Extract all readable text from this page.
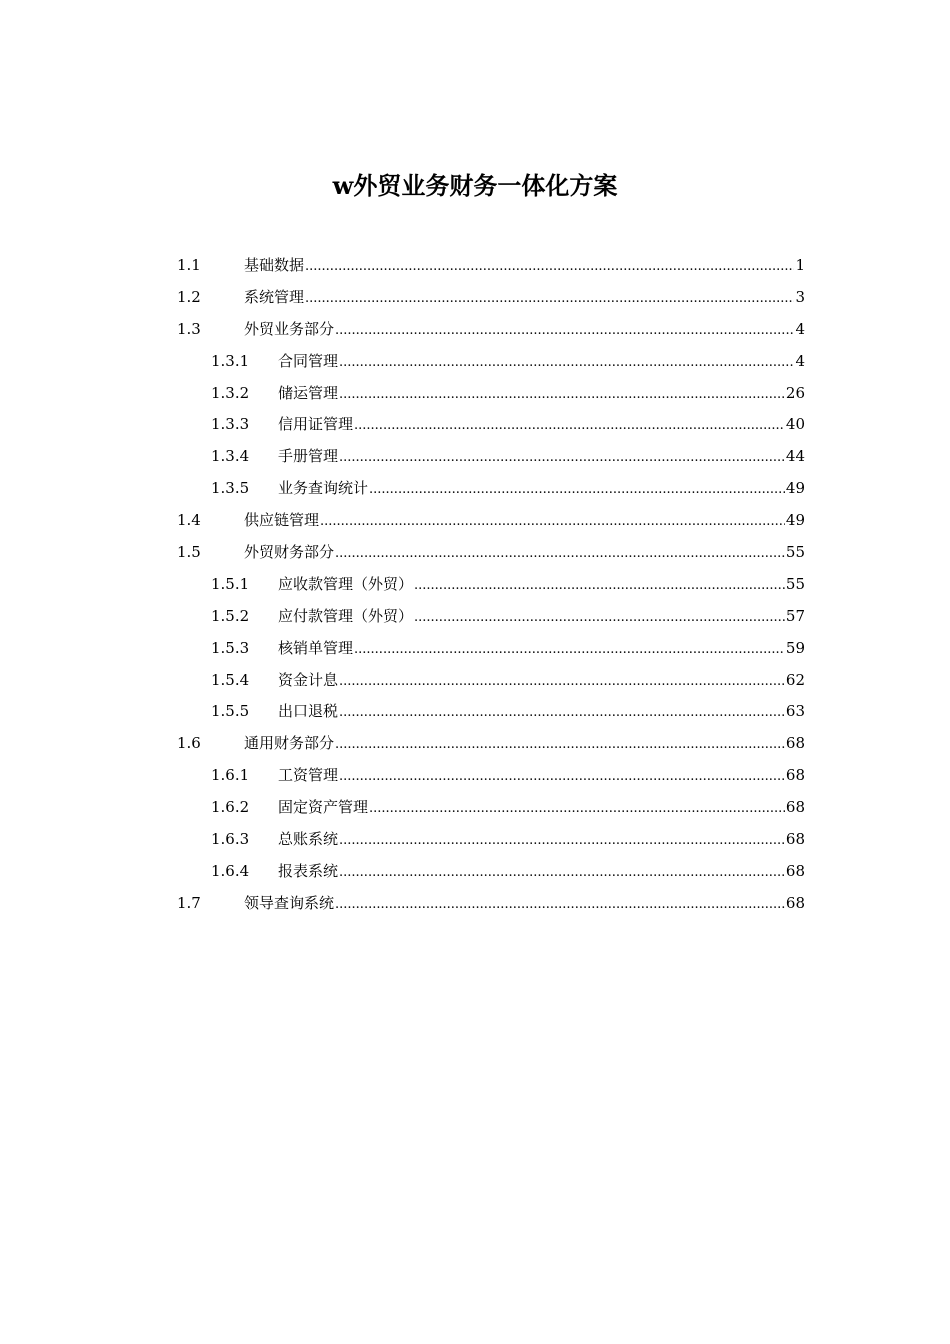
w外贸业务财务一体化方案
1.1	基础数据 .....	1
1.2	系统管理 .....	3
1.3	外贸业务部分 .....	4
1.3.1	合同管理 .....	4
1.3.2	储运管理 .....	26
1.3.3	信用证管理 .....	40
1.3.4	手册管理 .....	44
1.3.5	业务查询统计 .....	49
1.4	供应链管理 .....	49
1.5	外贸财务部分 .....	55
1.5.1	应收款管理（外贸） .....	55
1.5.2	应付款管理（外贸） .....	57
1.5.3	核销单管理 .....	59
1.5.4	资金计息 .....	62
1.5.5	出口退税 .....	63
1.6	通用财务部分 .....	68
1.6.1	工资管理 .....	68
1.6.2	固定资产管理 .....	68
1.6.3	总账系统 .....	68
1.6.4	报表系统 .....	68
1.7	领导查询系统 .....	68
